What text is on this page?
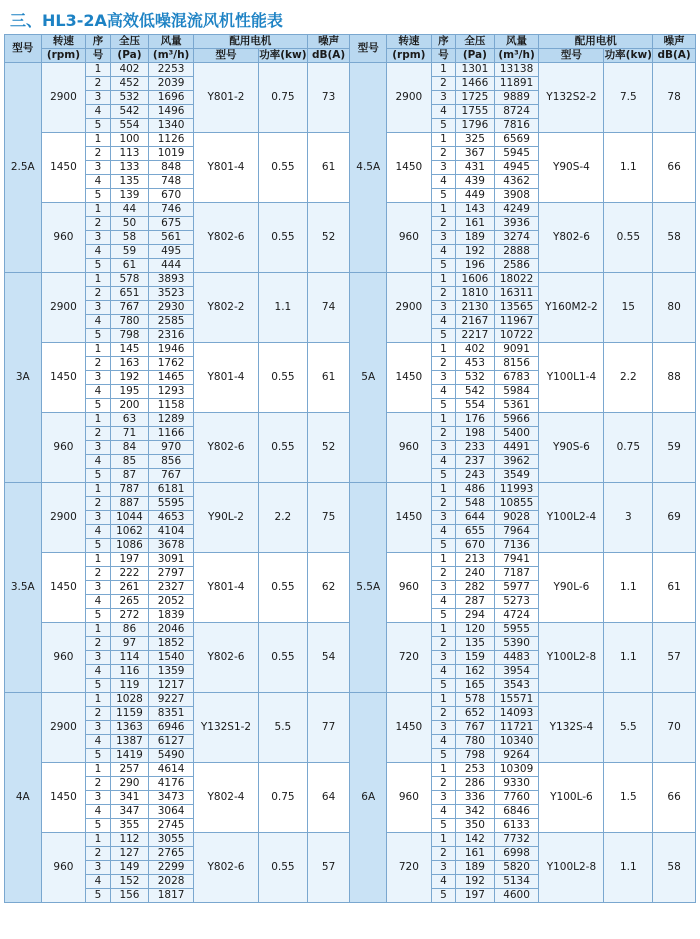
三、HL3-2A高效低噪混流风机性能表
型号	转速	序	全压	风量	配用电机		噪声	型号	转速	序	全压	风量	配用电机		噪声
	(rpm)	号	(Pa)	(m³/h)	型号	功率(kw)	dB(A)		(rpm)	号	(Pa)	(m³/h)	型号	功率(kw)	dB(A)
2.5A	2900	1	402	2253	Y801-2	0.75	73	4.5A	2900	1	1301	13138	Y132S2-2	7.5	78
		2	452	2039						2	1466	11891			
		3	532	1696						3	1725	9889			
		4	542	1496						4	1755	8724			
		5	554	1340						5	1796	7816			
	1450	1	100	1126	Y801-4	0.55	61		1450	1	325	6569	Y90S-4	1.1	66
		2	113	1019						2	367	5945			
		3	133	848						3	431	4945			
		4	135	748						4	439	4362			
		5	139	670						5	449	3908			
	960	1	44	746	Y802-6	0.55	52		960	1	143	4249	Y802-6	0.55	58
		2	50	675						2	161	3936			
		3	58	561						3	189	3274			
		4	59	495						4	192	2888			
		5	61	444						5	196	2586			
3A	2900	1	578	3893	Y802-2	1.1	74	5A	2900	1	1606	18022	Y160M2-2	15	80
		2	651	3523						2	1810	16311			
		3	767	2930						3	2130	13565			
		4	780	2585						4	2167	11967			
		5	798	2316						5	2217	10722			
	1450	1	145	1946	Y801-4	0.55	61		1450	1	402	9091	Y100L1-4	2.2	88
		2	163	1762						2	453	8156			
		3	192	1465						3	532	6783			
		4	195	1293						4	542	5984			
		5	200	1158						5	554	5361			
	960	1	63	1289	Y802-6	0.55	52		960	1	176	5966	Y90S-6	0.75	59
		2	71	1166						2	198	5400			
		3	84	970						3	233	4491			
		4	85	856						4	237	3962			
		5	87	767						5	243	3549			
3.5A	2900	1	787	6181	Y90L-2	2.2	75	5.5A	1450	1	486	11993	Y100L2-4	3	69
		2	887	5595						2	548	10855			
		3	1044	4653						3	644	9028			
		4	1062	4104						4	655	7964			
		5	1086	3678						5	670	7136			
	1450	1	197	3091	Y801-4	0.55	62		960	1	213	7941	Y90L-6	1.1	61
		2	222	2797						2	240	7187			
		3	261	2327						3	282	5977			
		4	265	2052						4	287	5273			
		5	272	1839						5	294	4724			
	960	1	86	2046	Y802-6	0.55	54		720	1	120	5955	Y100L2-8	1.1	57
		2	97	1852						2	135	5390			
		3	114	1540						3	159	4483			
		4	116	1359						4	162	3954			
		5	119	1217						5	165	3543			
4A	2900	1	1028	9227	Y132S1-2	5.5	77	6A	1450	1	578	15571	Y132S-4	5.5	70
		2	1159	8351						2	652	14093			
		3	1363	6946						3	767	11721			
		4	1387	6127						4	780	10340			
		5	1419	5490						5	798	9264			
	1450	1	257	4614	Y802-4	0.75	64		960	1	253	10309	Y100L-6	1.5	66
		2	290	4176						2	286	9330			
		3	341	3473						3	336	7760			
		4	347	3064						4	342	6846			
		5	355	2745						5	350	6133			
	960	1	112	3055	Y802-6	0.55	57		720	1	142	7732	Y100L2-8	1.1	58
		2	127	2765						2	161	6998			
		3	149	2299						3	189	5820			
		4	152	2028						4	192	5134			
		5	156	1817						5	197	4600			
